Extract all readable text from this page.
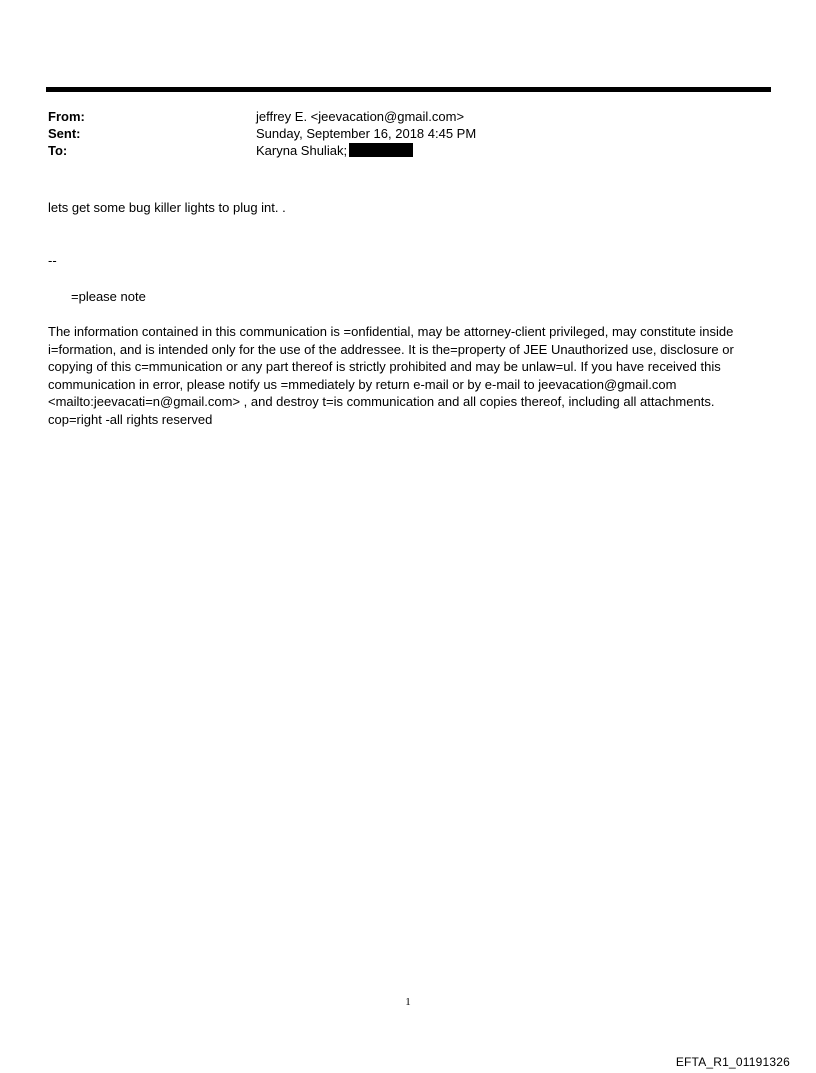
From:	jeffrey E. <jeevacation@gmail.com>
Sent:	Sunday, September 16, 2018 4:45 PM
To:	Karyna Shuliak;
lets get some bug killer lights to plug int. .
--
=please note
The information contained in this communication is =onfidential, may be attorney-client privileged, may constitute inside i=formation, and is intended only for the use of the addressee. It is the=property of JEE Unauthorized use, disclosure or copying of this c=mmunication or any part thereof is strictly prohibited and may be unlaw=ul. If you have received this communication in error, please notify us =mmediately by return e-mail or by e-mail to jeevacation@gmail.com <mailto:jeevacati=n@gmail.com> , and destroy t=is communication and all copies thereof, including all attachments. cop=right -all rights reserved
1
EFTA_R1_01191326
